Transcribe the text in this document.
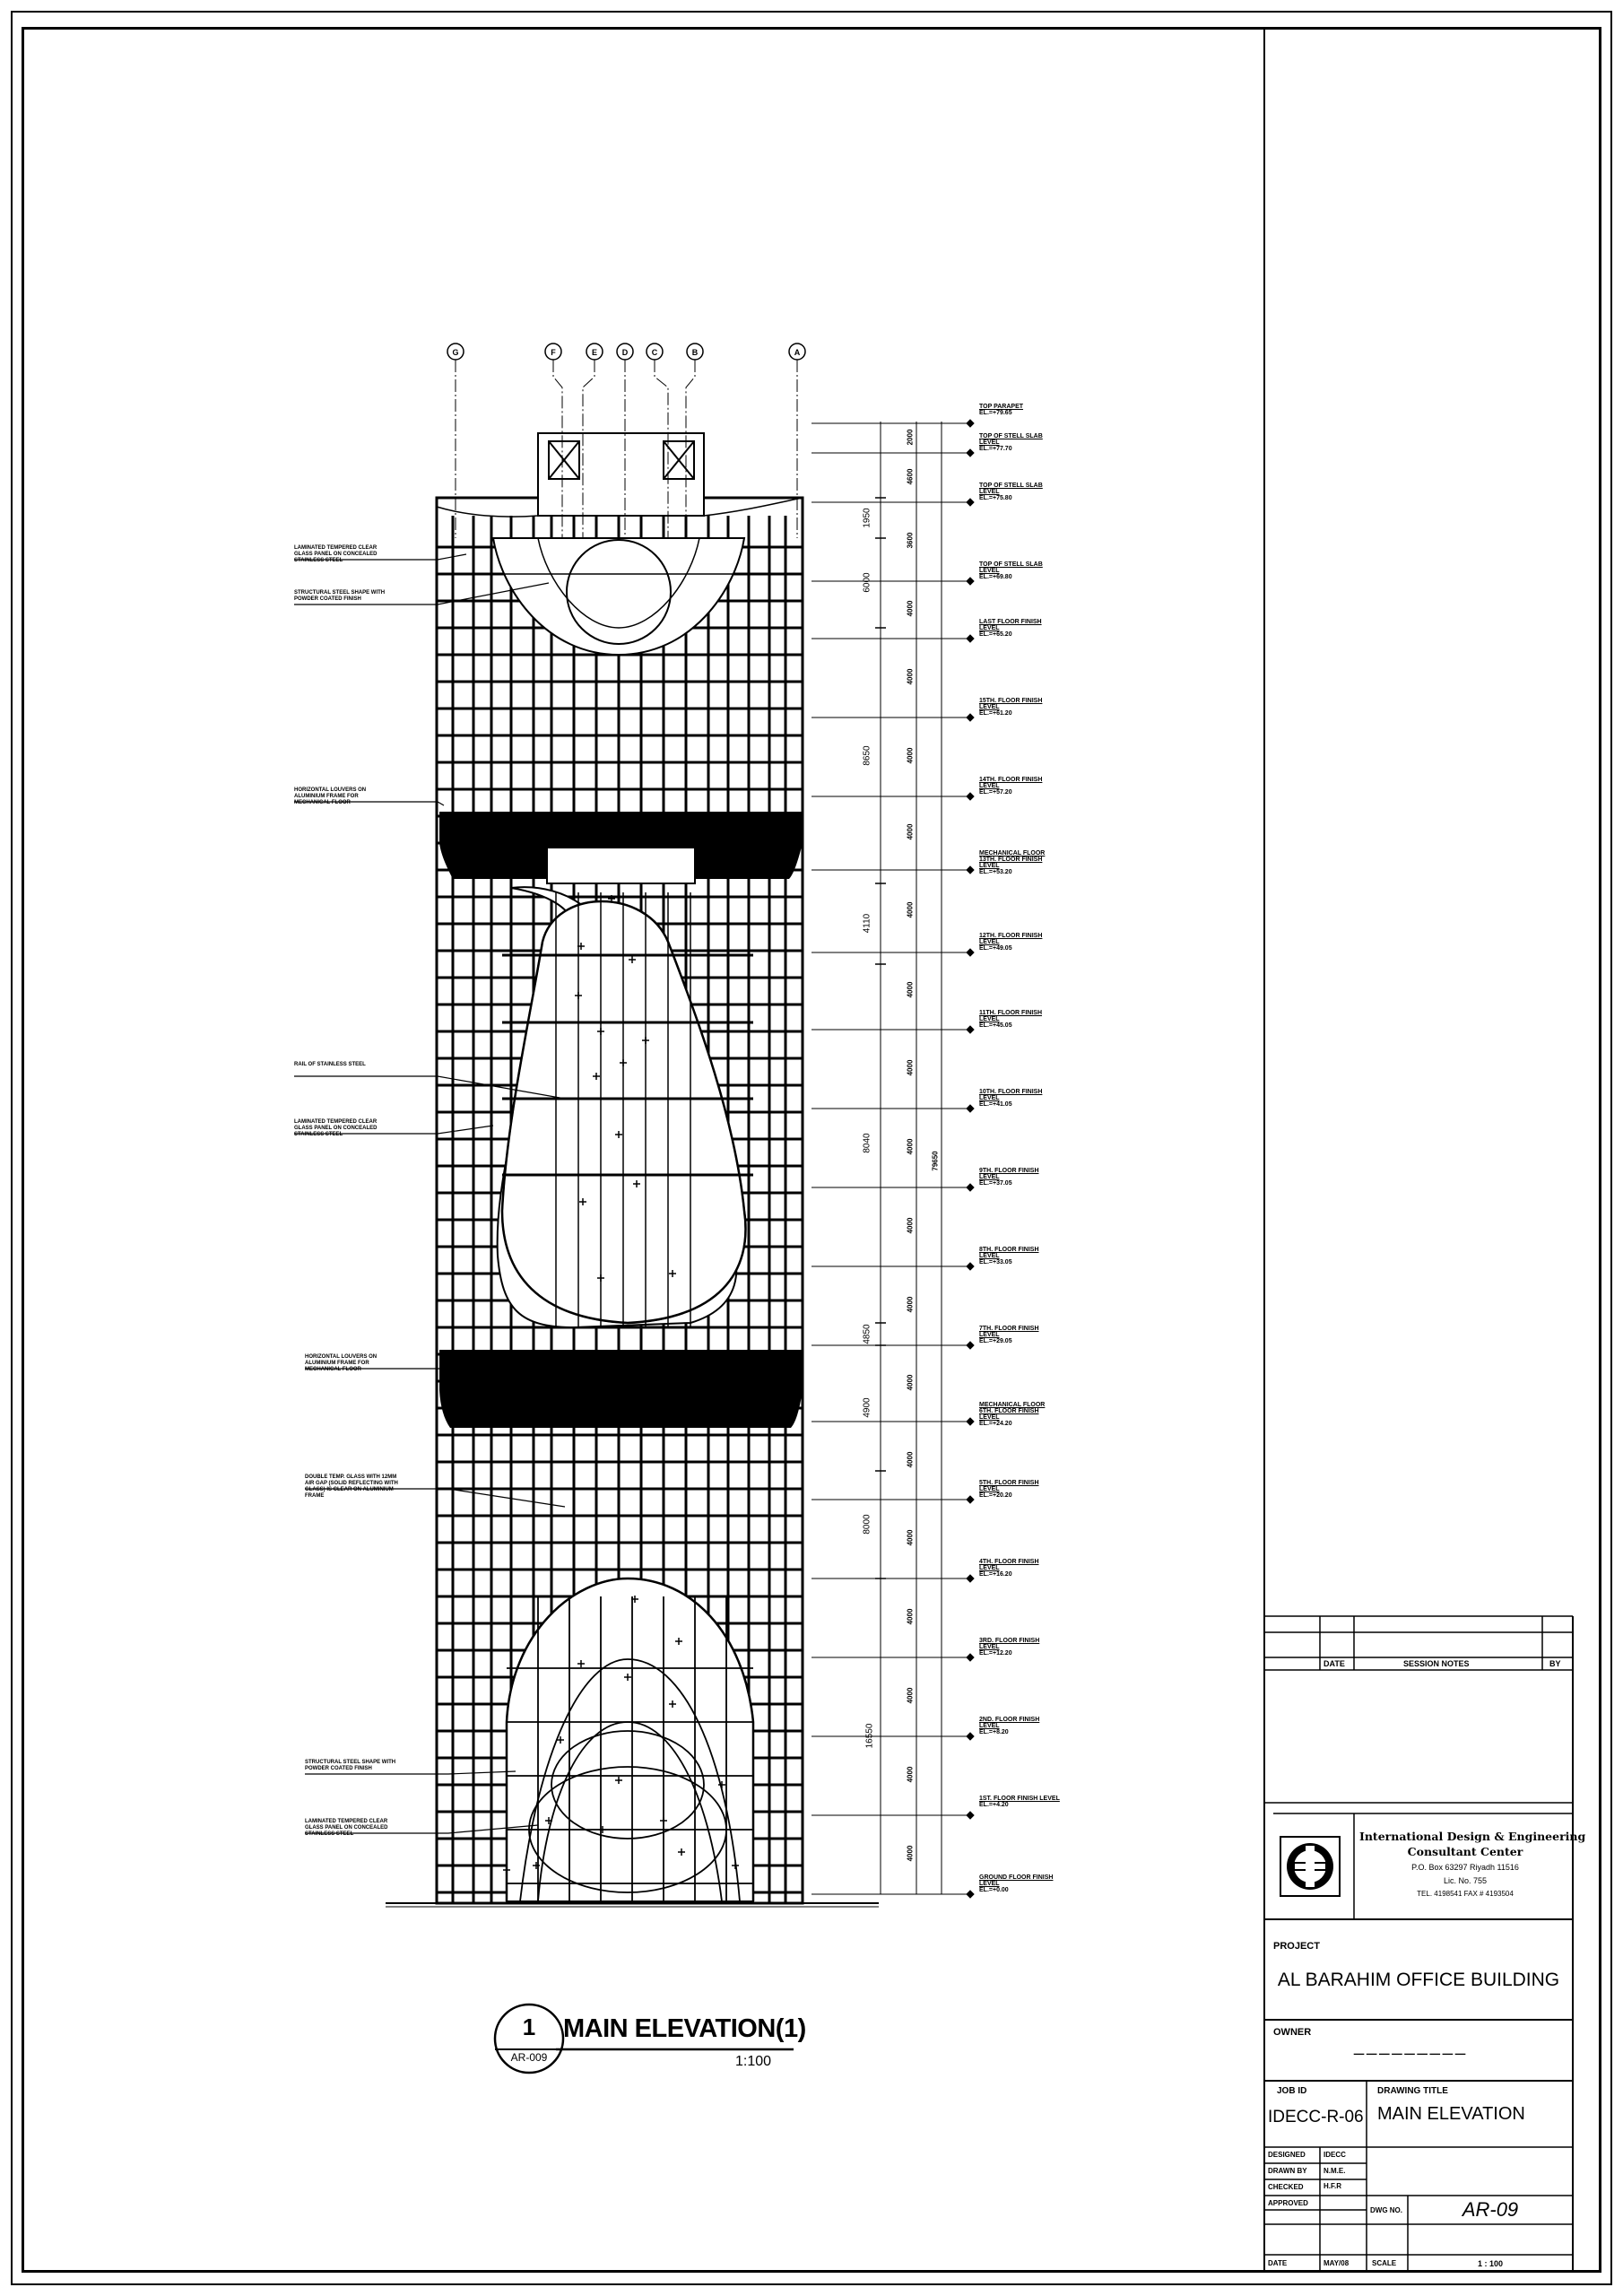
G	F	E	D	C	B	A
LAMINATED TEMPERED CLEAR GLASS PANEL ON CONCEALED STAINLESS STEEL
STRUCTURAL STEEL SHAPE WITH POWDER COATED FINISH
HORIZONTAL LOUVERS ON ALUMINIUM FRAME FOR MECHANICAL FLOOR
RAIL OF STAINLESS STEEL
LAMINATED TEMPERED CLEAR GLASS PANEL ON CONCEALED STAINLESS STEEL
HORIZONTAL LOUVERS ON ALUMINIUM FRAME FOR MECHANICAL FLOOR
DOUBLE TEMP. GLASS WITH 12MM AIR GAP (SOLID REFLECTING WITH GLASS) IS CLEAR ON ALUMINIUM FRAME
STRUCTURAL STEEL SHAPE WITH POWDER COATED FINISH
LAMINATED TEMPERED CLEAR GLASS PANEL ON CONCEALED STAINLESS STEEL
TOP PARAPET
EL.=+79.65
TOP OF STELL SLAB LEVEL
EL.=+77.70
TOP OF STELL SLAB LEVEL
EL.=+75.80
TOP OF STELL SLAB LEVEL
EL.=+69.80
LAST FLOOR FINISH LEVEL
EL.=+65.20
15TH. FLOOR FINISH LEVEL
EL.=+61.20
14TH. FLOOR FINISH LEVEL
EL.=+57.20
MECHANICAL FLOOR 13TH. FLOOR FINISH LEVEL
EL.=+53.20
12TH. FLOOR FINISH LEVEL
EL.=+49.05
11TH. FLOOR FINISH LEVEL
EL.=+45.05
10TH. FLOOR FINISH LEVEL
EL.=+41.05
9TH. FLOOR FINISH LEVEL
EL.=+37.05
8TH. FLOOR FINISH LEVEL
EL.=+33.05
7TH. FLOOR FINISH LEVEL
EL.=+29.05
MECHANICAL FLOOR 6TH. FLOOR FINISH LEVEL
EL.=+24.20
5TH. FLOOR FINISH LEVEL
EL.=+20.20
4TH. FLOOR FINISH LEVEL
EL.=+16.20
3RD. FLOOR FINISH LEVEL
EL.=+12.20
2ND. FLOOR FINISH LEVEL
EL.=+8.20
1ST. FLOOR FINISH LEVEL
EL.=+4.20
GROUND FLOOR FINISH LEVEL
EL.=+0.00
1950
6000
8650
4110
8040
4850
4900
8000
16550
2000
4600
3600
4000
4000
4000
4000
4000
4000
4000
4000
4000
4000
4000
4000
4000
4000
4000
4000
4000
79650
1
AR-009
MAIN ELEVATION(1)
1:100
DATE	SESSION NOTES	BY
International Design & Engineering
Consultant Center
P.O. Box 63297 Riyadh 11516
Lic. No. 755
TEL. 4198541 FAX # 4193504
PROJECT
AL BARAHIM OFFICE BUILDING
OWNER
_________
JOB ID
IDECC-R-06
DRAWING TITLE
MAIN ELEVATION
DESIGNED	IDECC
DRAWN BY N.M.E.
CHECKED	H.F.R
APPROVED
DWG NO.	AR-09
DATE	MAY/08	SCALE	1 : 100
